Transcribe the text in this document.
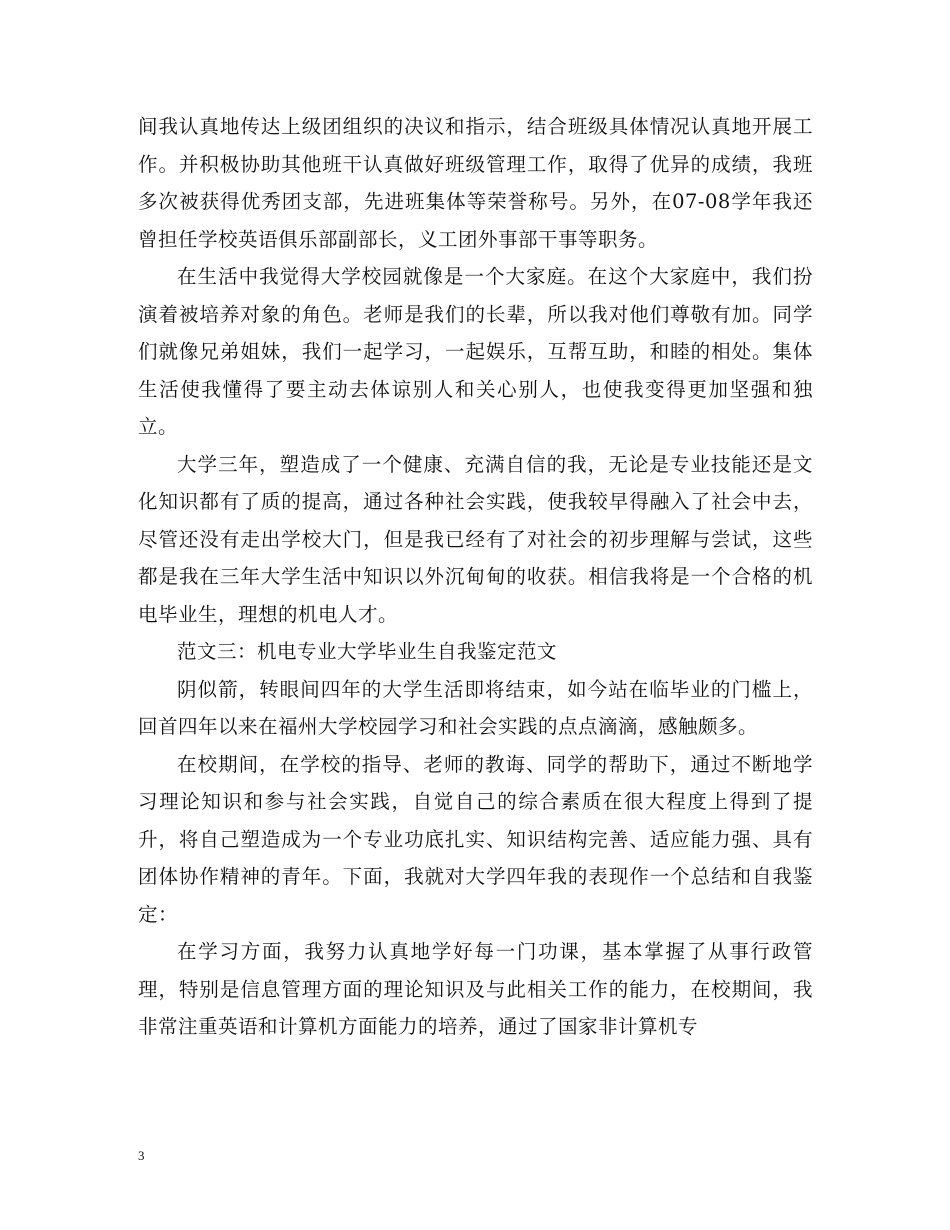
间我认真地传达上级团组织的决议和指示，结合班级具体情况认真地开展工作。并积极协助其他班干认真做好班级管理工作，取得了优异的成绩，我班多次被获得优秀团支部，先进班集体等荣誉称号。另外，在07-08学年我还曾担任学校英语俱乐部副部长，义工团外事部干事等职务。

在生活中我觉得大学校园就像是一个大家庭。在这个大家庭中，我们扮演着被培养对象的角色。老师是我们的长辈，所以我对他们尊敬有加。同学们就像兄弟姐妹，我们一起学习，一起娱乐，互帮互助，和睦的相处。集体生活使我懂得了要主动去体谅别人和关心别人，也使我变得更加坚强和独立。

大学三年，塑造成了一个健康、充满自信的我，无论是专业技能还是文化知识都有了质的提高，通过各种社会实践，使我较早得融入了社会中去，尽管还没有走出学校大门，但是我已经有了对社会的初步理解与尝试，这些都是我在三年大学生活中知识以外沉甸甸的收获。相信我将是一个合格的机电毕业生，理想的机电人才。

范文三：机电专业大学毕业生自我鉴定范文

阴似箭，转眼间四年的大学生活即将结束，如今站在临毕业的门槛上，回首四年以来在福州大学校园学习和社会实践的点点滴滴，感触颇多。

在校期间，在学校的指导、老师的教诲、同学的帮助下，通过不断地学习理论知识和参与社会实践，自觉自己的综合素质在很大程度上得到了提升，将自己塑造成为一个专业功底扎实、知识结构完善、适应能力强、具有团体协作精神的青年。下面，我就对大学四年我的表现作一个总结和自我鉴定：

在学习方面，我努力认真地学好每一门功课，基本掌握了从事行政管理，特别是信息管理方面的理论知识及与此相关工作的能力，在校期间，我非常注重英语和计算机方面能力的培养，通过了国家非计算机专

3
